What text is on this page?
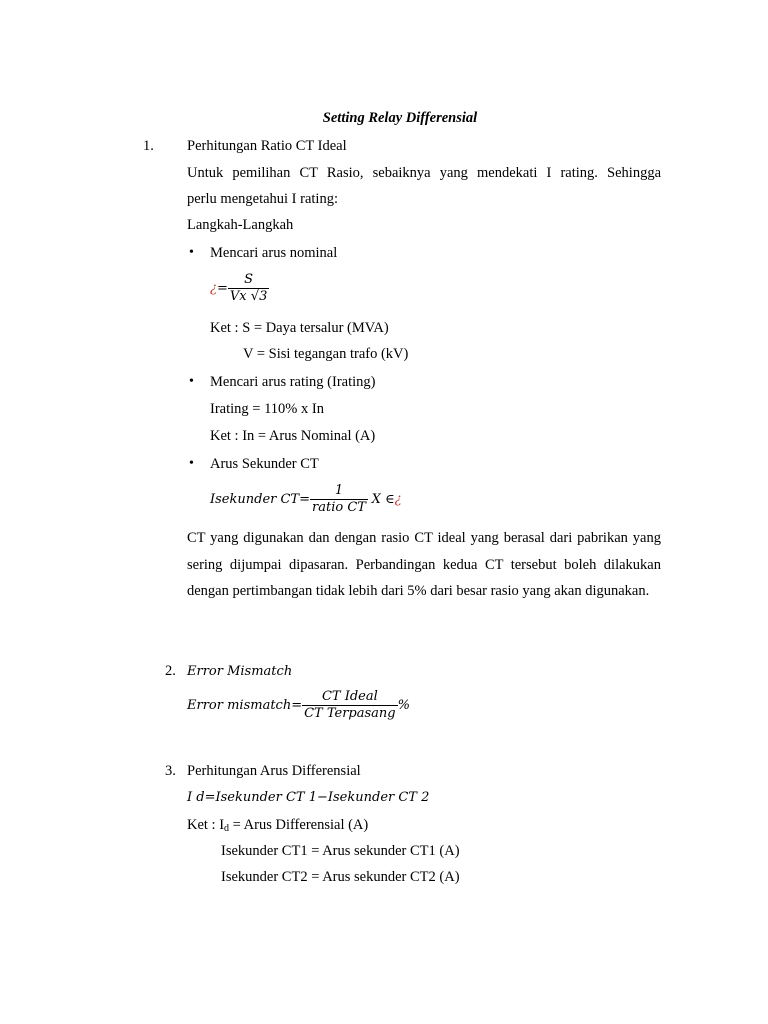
Setting Relay Differensial
1. Perhitungan Ratio CT Ideal
Untuk pemilihan CT Rasio, sebaiknya yang mendekati I rating. Sehingga
perlu mengetahui I rating:
Langkah-Langkah
• Mencari arus nominal
¿= $\frac{S}{Vx √3}$
Ket : S = Daya tersalur (MVA)
V = Sisi tegangan trafo (kV)
• Mencari arus rating (Irating)
Irating = 110% x In
Ket : In = Arus Nominal (A)
• Arus Sekunder CT
Isekunder $CT= \frac{1}{\text{ratio CT}}$ X ∈¿
CT yang digunakan dan dengan rasio CT ideal yang berasal dari pabrikan yang sering dijumpai dipasaran. Perbandingan kedua CT tersebut boleh dilakukan dengan pertimbangan tidak lebih dari 5% dari besar rasio yang akan digunakan.
2. Error Mismatch
Error mismatch= $\frac{\text{CT Ideal}}{\text{CT Terpasang}}$ %
3. Perhitungan Arus Differensial
I d=Isekunder CT 1−Isekunder CT 2
Ket : $I_d$ = Arus Differensial (A)
Isekunder CT1 = Arus sekunder CT1 (A)
Isekunder CT2 = Arus sekunder CT2 (A)
